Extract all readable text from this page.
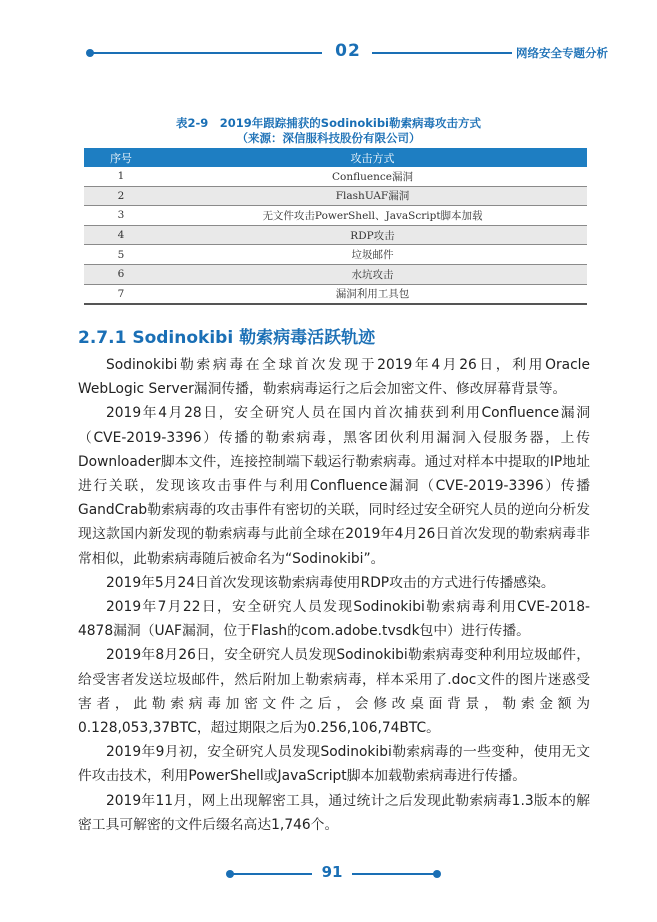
02	网络安全专题分析
表2-9　2019年跟踪捕获的Sodinokibi勒索病毒攻击方式
（来源：深信服科技股份有限公司）
序号	攻击方式
1	Confluence漏洞
2	FlashUAF漏洞
3	无文件攻击PowerShell、JavaScript脚本加载
4	RDP攻击
5	垃圾邮件
6	水坑攻击
7	漏洞利用工具包
2.7.1 Sodinokibi 勒索病毒活跃轨迹

Sodinokibi勒索病毒在全球首次发现于2019年4月26日，利用Oracle WebLogic Server漏洞传播，勒索病毒运行之后会加密文件、修改屏幕背景等。

2019年4月28日，安全研究人员在国内首次捕获到利用Confluence漏洞（CVE-2019-3396）传播的勒索病毒，黑客团伙利用漏洞入侵服务器，上传Downloader脚本文件，连接控制端下载运行勒索病毒。通过对样本中提取的IP地址进行关联，发现该攻击事件与利用Confluence漏洞（CVE-2019-3396）传播GandCrab勒索病毒的攻击事件有密切的关联，同时经过安全研究人员的逆向分析发现这款国内新发现的勒索病毒与此前全球在2019年4月26日首次发现的勒索病毒非常相似，此勒索病毒随后被命名为“Sodinokibi”。

2019年5月24日首次发现该勒索病毒使用RDP攻击的方式进行传播感染。

2019年7月22日，安全研究人员发现Sodinokibi勒索病毒利用CVE-2018-4878漏洞（UAF漏洞，位于Flash的com.adobe.tvsdk包中）进行传播。

2019年8月26日，安全研究人员发现Sodinokibi勒索病毒变种利用垃圾邮件，给受害者发送垃圾邮件，然后附加上勒索病毒，样本采用了.doc文件的图片迷惑受害者，此勒索病毒加密文件之后，会修改桌面背景，勒索金额为0.128,053,37BTC，超过期限之后为0.256,106,74BTC。

2019年9月初，安全研究人员发现Sodinokibi勒索病毒的一些变种，使用无文件攻击技术，利用PowerShell或JavaScript脚本加载勒索病毒进行传播。

2019年11月，网上出现解密工具，通过统计之后发现此勒索病毒1.3版本的解密工具可解密的文件后缀名高达1,746个。

91
